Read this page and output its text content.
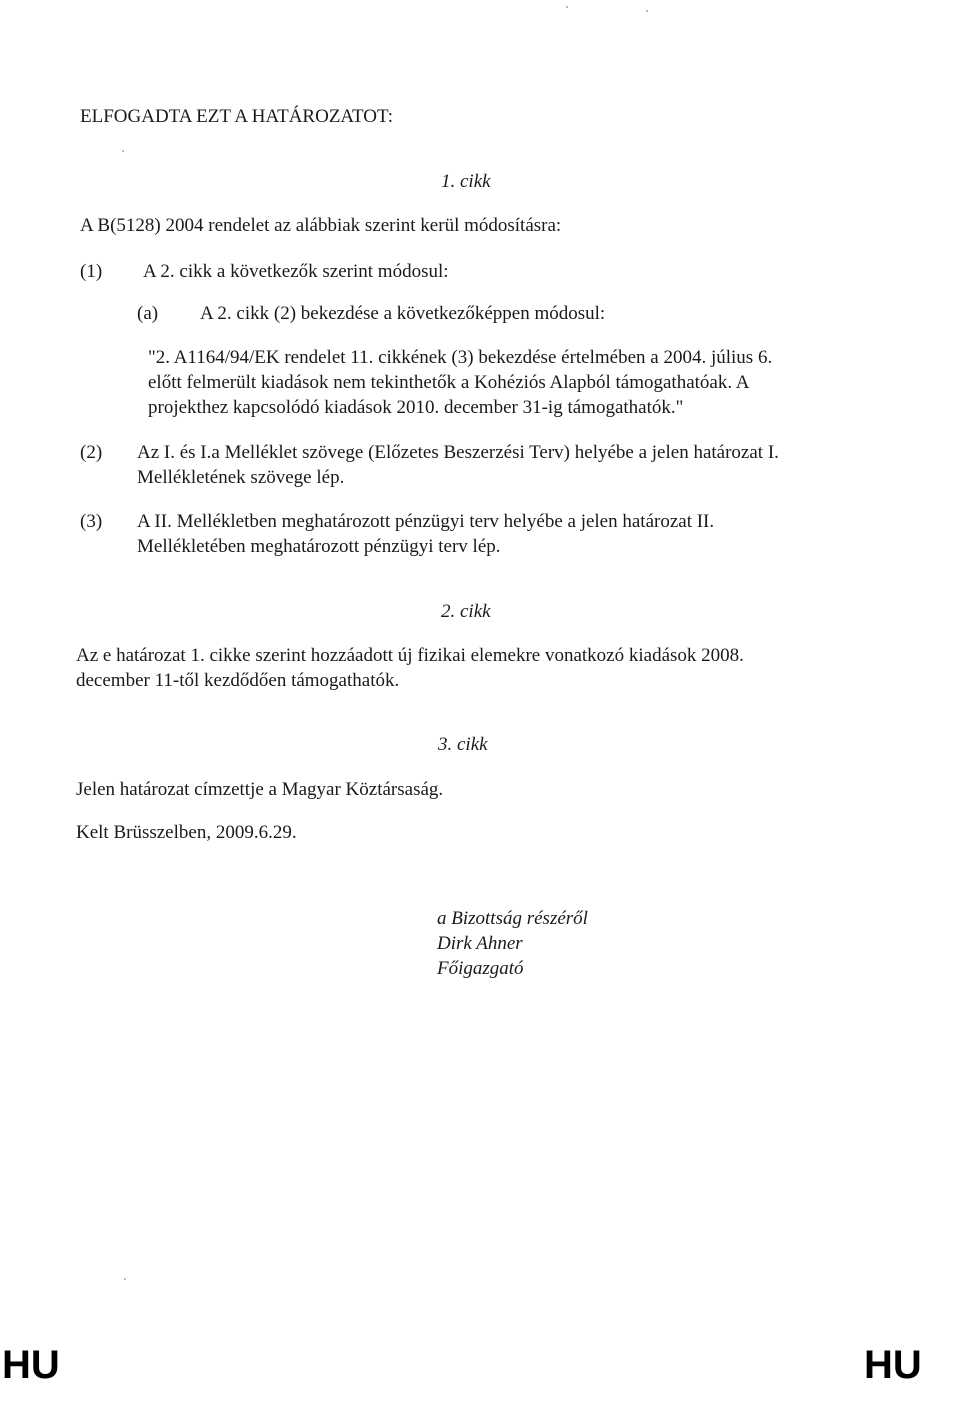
ELFOGADTA EZT A HATÁROZATOT:
1. cikk
A B(5128) 2004 rendelet az alábbiak szerint kerül módosításra:
(1) A 2. cikk a következők szerint módosul:
(a) A 2. cikk (2) bekezdése a következőképpen módosul:
"2. A1164/94/EK rendelet 11. cikkének (3) bekezdése értelmében a 2004. július 6.
előtt felmerült kiadások nem tekinthetők a Kohéziós Alapból támogathatóak. A
projekthez kapcsolódó kiadások 2010. december 31-ig támogathatók."
(2) Az I. és I.a Melléklet szövege (Előzetes Beszerzési Terv) helyébe a jelen határozat I.
Mellékletének szövege lép.
(3) A II. Mellékletben meghatározott pénzügyi terv helyébe a jelen határozat II.
Mellékletében meghatározott pénzügyi terv lép.
2. cikk
Az e határozat 1. cikke szerint hozzáadott új fizikai elemekre vonatkozó kiadások 2008.
december 11-től kezdődően támogathatók.
3. cikk
Jelen határozat címzettje a Magyar Köztársaság.
Kelt Brüsszelben, 2009.6.29.
a Bizottság részéről
Dirk Ahner
Főigazgató
HU	HU
